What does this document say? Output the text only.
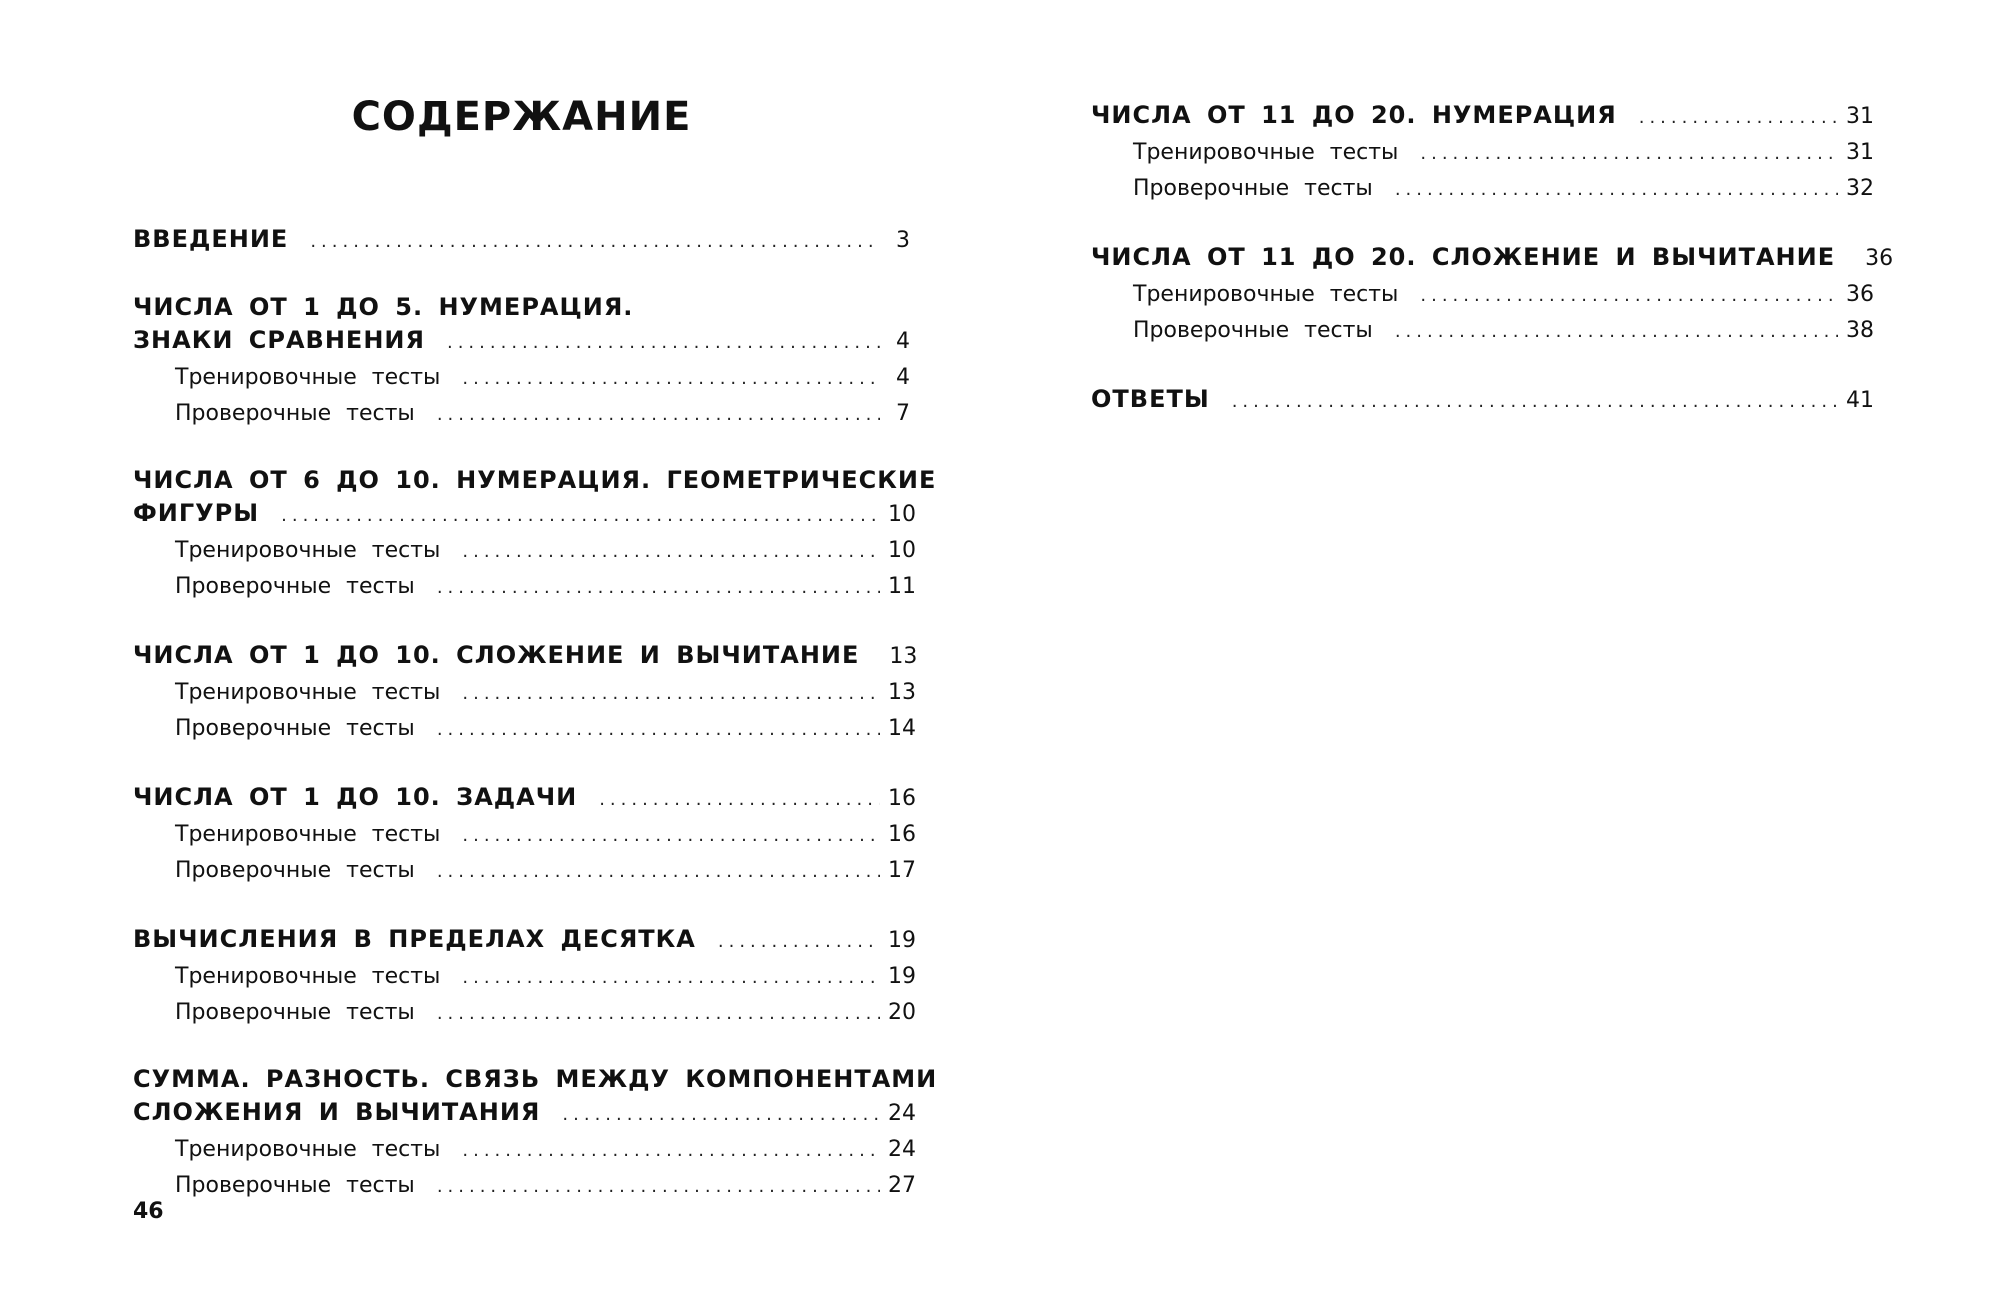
СОДЕРЖАНИЕ
ВВЕДЕНИЕ .....	3
ЧИСЛА ОТ 1 ДО 5. НУМЕРАЦИЯ.
ЗНАКИ СРАВНЕНИЯ .....	4
Тренировочные тесты .....	4
Проверочные тесты .....	7
ЧИСЛА ОТ 6 ДО 10. НУМЕРАЦИЯ. ГЕОМЕТРИЧЕСКИЕ
ФИГУРЫ .....	10
Тренировочные тесты .....	10
Проверочные тесты .....	11
ЧИСЛА ОТ 1 ДО 10. СЛОЖЕНИЕ И ВЫЧИТАНИЕ 13
Тренировочные тесты .....	13
Проверочные тесты .....	14
ЧИСЛА ОТ 1 ДО 10. ЗАДАЧИ .....	16
Тренировочные тесты .....	16
Проверочные тесты .....	17
ВЫЧИСЛЕНИЯ В ПРЕДЕЛАХ ДЕСЯТКА .....	19
Тренировочные тесты .....	19
Проверочные тесты .....	20
СУММА. РАЗНОСТЬ. СВЯЗЬ МЕЖДУ КОМПОНЕНТАМИ
СЛОЖЕНИЯ И ВЫЧИТАНИЯ .....	24
Тренировочные тесты .....	24
Проверочные тесты .....	27
ЧИСЛА ОТ 11 ДО 20. НУМЕРАЦИЯ .....	31
Тренировочные тесты .....	31
Проверочные тесты .....	32
ЧИСЛА ОТ 11 ДО 20. СЛОЖЕНИЕ И ВЫЧИТАНИЕ 36
Тренировочные тесты .....	36
Проверочные тесты .....	38
ОТВЕТЫ .....	41
46
